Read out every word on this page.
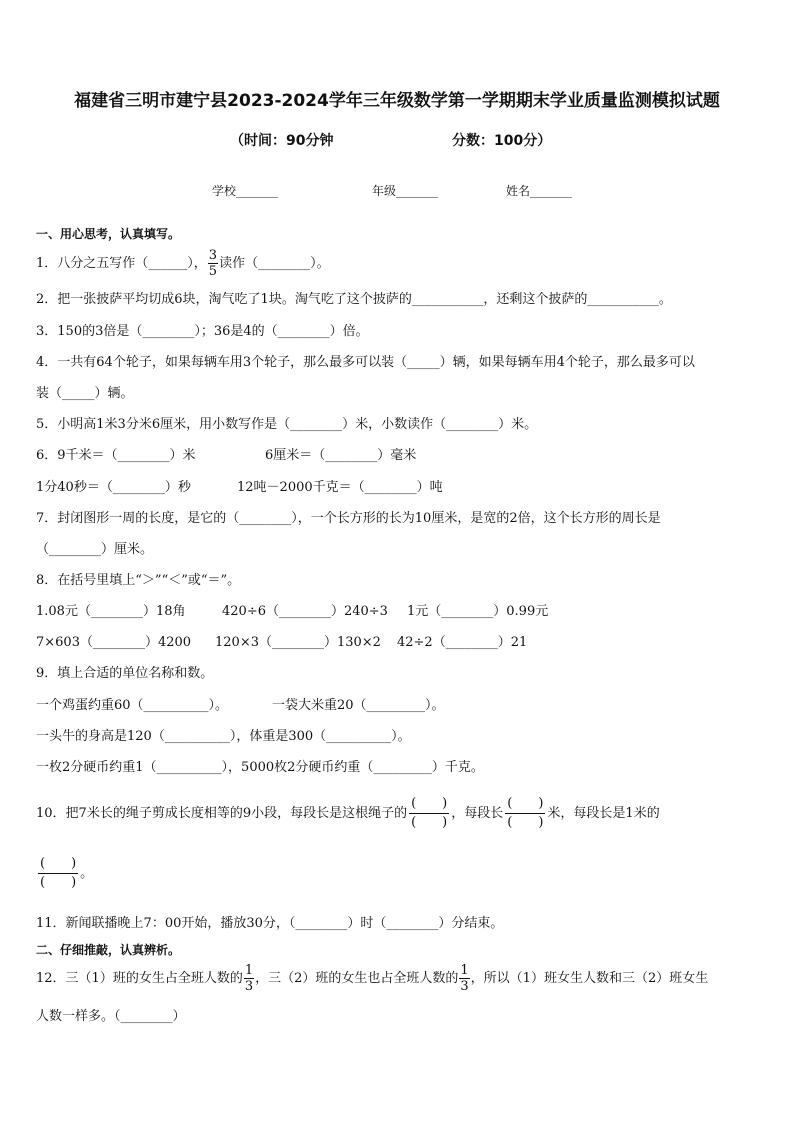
福建省三明市建宁县2023-2024学年三年级数学第一学期期末学业质量监测模拟试题
（时间：90分钟	分数：100分）
学校_______	年级_______	姓名_______
一、用心思考，认真填写。
1．八分之五写作（______）， $\frac{3}{5}$ 读作（________）。
2．把一张披萨平均切成6块，淘气吃了1块。淘气吃了这个披萨的___________，还剩这个披萨的___________。
3．150的3倍是（________）；36是4的（________）倍。
4．一共有64个轮子，如果每辆车用3个轮子，那么最多可以装（_____）辆，如果每辆车用4个轮子，那么最多可以
装（_____）辆。
5．小明高1米3分米6厘米，用小数写作是（________）米，小数读作（________）米。
6．9千米＝（________）米	6厘米＝（________）毫米
1分40秒＝（________）秒	12吨－2000千克＝（________）吨
7．封闭图形一周的长度，是它的（________），一个长方形的长为10厘米，是宽的2倍，这个长方形的周长是
（________）厘米。
8．在括号里填上“＞”“＜”或“＝”。
1.08元（________）18角	420÷6（________）240÷3 1元（________）0.99元
7×603（________）4200 120×3（________）130×2 42÷2（________）21
9．填上合适的单位名称和数。
一个鸡蛋约重60（__________）。	一袋大米重20（_________）。
一头牛的身高是120（__________），体重是300（__________）。
一枚2分硬币约重1（__________），5000枚2分硬币约重（_________）千克。
10．把7米长的绳子剪成长度相等的9小段，每段长是这根绳子的 $\frac{( )}{( )}$ ，每段长 $\frac{( )}{( )}$ 米，每段长是1米的
$\frac{( )}{( )}$ 。
11．新闻联播晚上7：00开始，播放30分，（________）时（________）分结束。
二、仔细推敲，认真辨析。
12．三（1）班的女生占全班人数的 $\frac{1}{3}$ ，三（2）班的女生也占全班人数的 $\frac{1}{3}$ ，所以（1）班女生人数和三（2）班女生
人数一样多。（________）
